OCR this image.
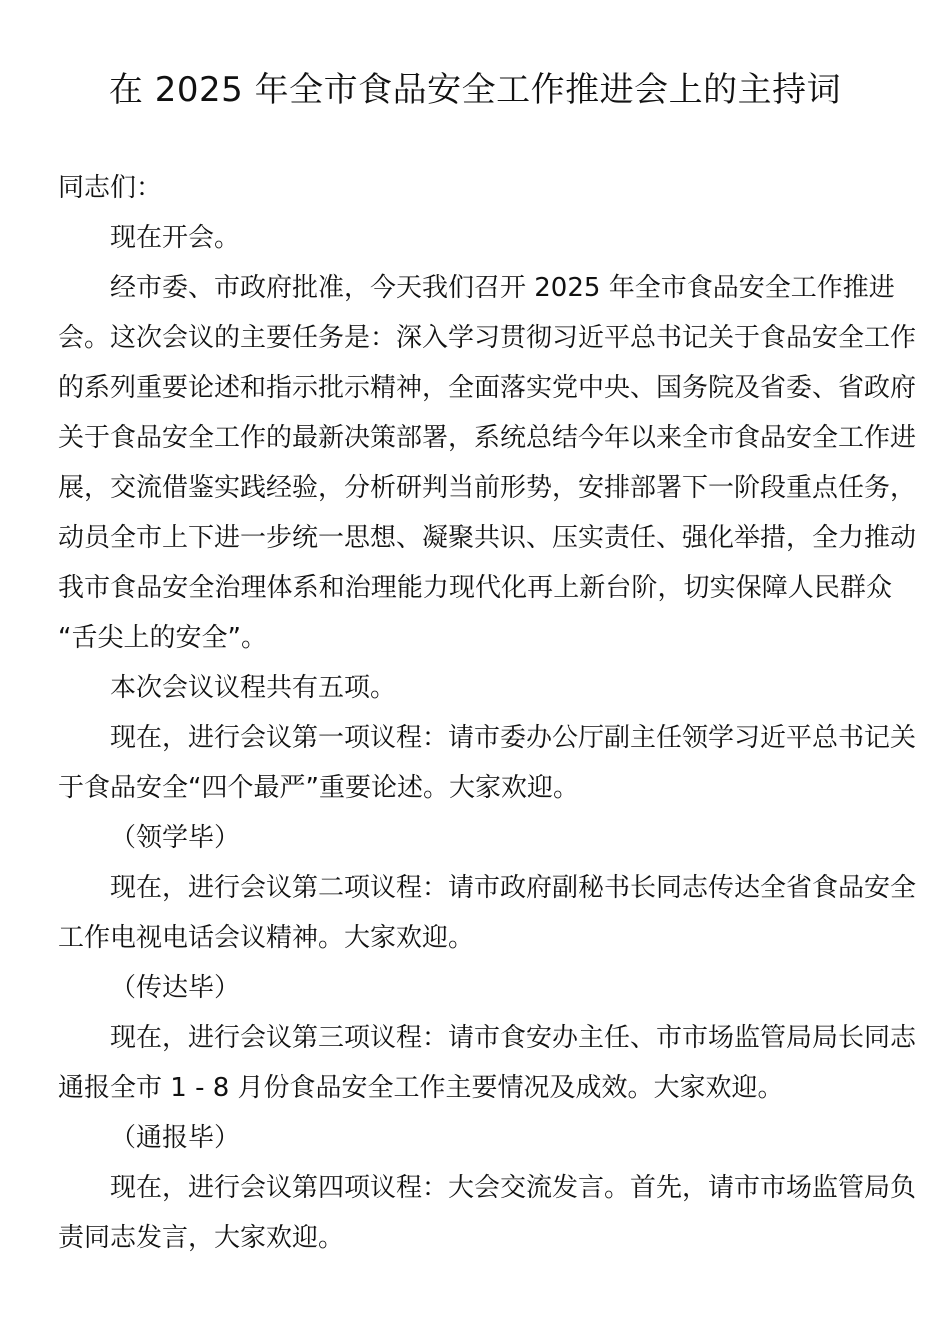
在 2025 年全市食品安全工作推进会上的主持词
同志们：
现在开会。
经市委、市政府批准，今天我们召开 2025 年全市食品安全工作推进
会。这次会议的主要任务是：深入学习贯彻习近平总书记关于食品安全工作
的系列重要论述和指示批示精神，全面落实党中央、国务院及省委、省政府
关于食品安全工作的最新决策部署，系统总结今年以来全市食品安全工作进
展，交流借鉴实践经验，分析研判当前形势，安排部署下一阶段重点任务，
动员全市上下进一步统一思想、凝聚共识、压实责任、强化举措，全力推动
我市食品安全治理体系和治理能力现代化再上新台阶，切实保障人民群众
“舌尖上的安全”。
本次会议议程共有五项。
现在，进行会议第一项议程：请市委办公厅副主任领学习近平总书记关
于食品安全“四个最严”重要论述。大家欢迎。
（领学毕）
现在，进行会议第二项议程：请市政府副秘书长同志传达全省食品安全
工作电视电话会议精神。大家欢迎。
（传达毕）
现在，进行会议第三项议程：请市食安办主任、市市场监管局局长同志
通报全市 1 - 8 月份食品安全工作主要情况及成效。大家欢迎。
（通报毕）
现在，进行会议第四项议程：大会交流发言。首先，请市市场监管局负
责同志发言，大家欢迎。
